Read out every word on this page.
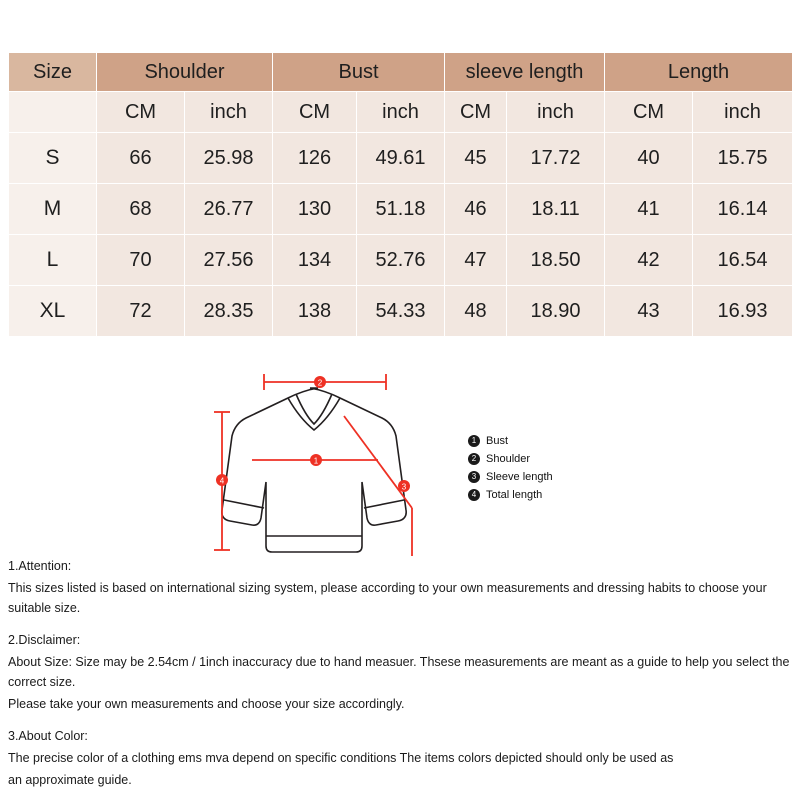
Size	Shoulder		Bust		sleeve length		Length	
	CM	inch	CM	inch	CM	inch	CM	inch
S	66	25.98	126	49.61	45	17.72	40	15.75
M	68	26.77	130	51.18	46	18.11	41	16.14
L	70	27.56	134	52.76	47	18.50	42	16.54
XL	72	28.35	138	54.33	48	18.90	43	16.93
2
4
1
3
1 Bust
2 Shoulder
3 Sleeve length
4 Total length

1.Attention:

This sizes listed is based on international sizing system, please according to your own measurements and dressing habits to choose your suitable size.

2.Disclaimer:

About Size: Size may be 2.54cm / 1inch inaccuracy due to hand measuer. Thsese measurements are meant as a guide to help you select the correct size.

Please take your own measurements and choose your size accordingly.

3.About Color:

The precise color of a clothing ems mva depend on specific conditions The items colors depicted should only be used as

an approximate guide.
